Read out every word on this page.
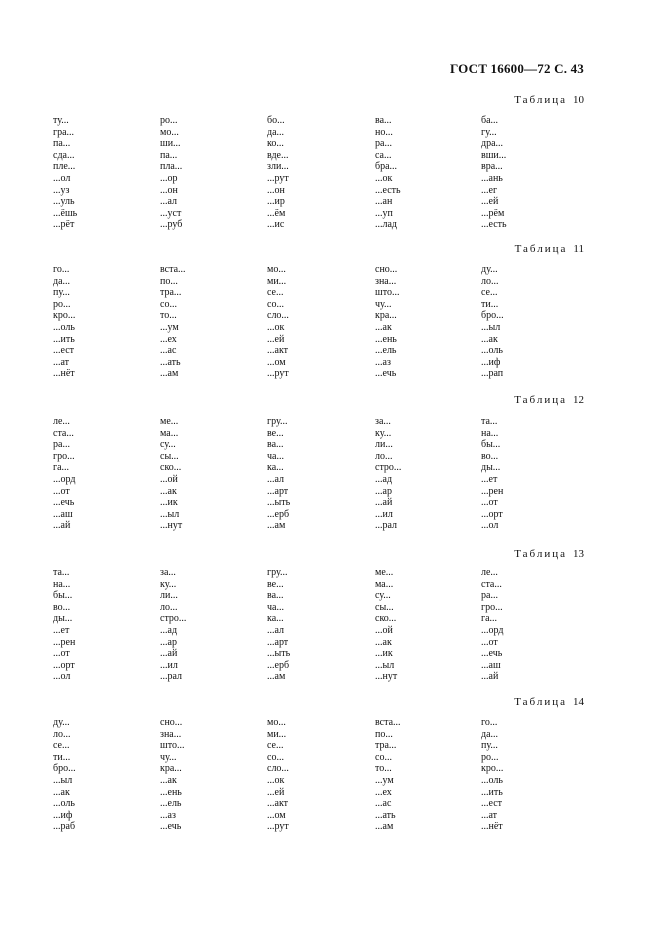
ГОСТ 16600—72 С. 43
Таблица 10
ту...
гра...
па...
сда...
пле...
...ол
...уз
...уль
...ёшь
...рёт
ро...
мо...
ши...
па...
пла...
...ор
...он
...ал
...уст
...руб
бо...
да...
ко...
вде...
зли...
...рут
...он
...ир
...ём
...ис
ва...
но...
ра...
са...
бра...
...ок
...есть
...ан
...уп
...лад
ба...
гу...
дра...
вши...
вра...
...ань
...ег
...ей
...рём
...есть
Таблица 11
го...
да...
пу...
ро...
кро...
...оль
...ить
...ест
...ат
...нёт
вста...
по...
тра...
со...
то...
...ум
...ех
...ас
...ать
...ам
мо...
ми...
се...
со...
сло...
...ок
...ей
...акт
...ом
...рут
сно...
зна...
што...
чу...
кра...
...ак
...ень
...ель
...аз
...ечь
ду...
ло...
се...
ти...
бро...
...ыл
...ак
...оль
...иф
...рап
Таблица 12
ле...
ста...
ра...
гро...
га...
...орд
...от
...ечь
...аш
...ай
ме...
ма...
су...
сы...
ско...
...ой
...ак
...ик
...ыл
...нут
гру...
ве...
ва...
ча...
ка...
...ал
...арт
...ыть
...ерб
...ам
за...
ку...
ли...
ло...
стро...
...ад
...ар
...ай
...ил
...рал
та...
на...
бы...
во...
ды...
...ет
...рен
...от
...орт
...ол
Таблица 13
та...
на...
бы...
во...
ды...
...ет
...рен
...от
...орт
...ол
за...
ку...
ли...
ло...
стро...
...ад
...ар
...ай
...ил
...рал
гру...
ве...
ва...
ча...
ка...
...ал
...арт
...ыть
...ерб
...ам
ме...
ма...
су...
сы...
ско...
...ой
...ак
...ик
...ыл
...нут
ле...
ста...
ра...
гро...
га...
...орд
...от
...ечь
...аш
...ай
Таблица 14
ду...
ло...
се...
ти...
бро...
...ыл
...ак
...оль
...иф
...раб
сно...
зна...
што...
чу...
кра...
...ак
...ень
...ель
...аз
...ечь
мо...
ми...
се...
со...
сло...
...ок
...ей
...акт
...ом
...рут
вста...
по...
тра...
со...
то...
...ум
...ех
...ас
...ать
...ам
го...
да...
пу...
ро...
кро...
...оль
...ить
...ест
...ат
...нёт
